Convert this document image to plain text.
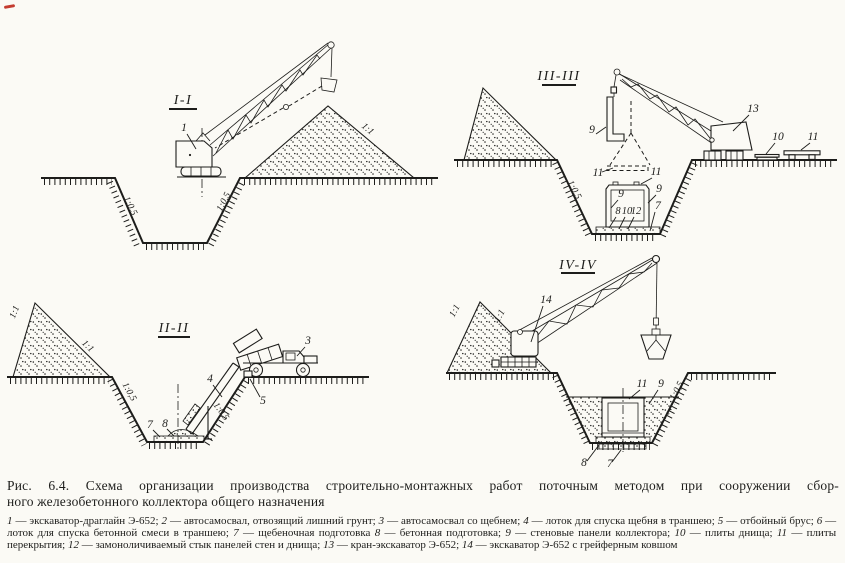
I-I
1	1:1
1:0,5	1:0,5
III-III
9
13
10 11
11	11
9	9
8 10
12 7
1:0,5
II-II
3
4
5
7 8
1:1
1:1
1:0,5
1:0,5
IV-IV
14
11 9
8 7
1:1	1:1
1:0,5
Рис. 6.4. Схема организации производства строительно-монтажных работ поточным методом при сооружении сбор-
ного железобетонного коллектора общего назначения
1 — экскаватор-драглайн Э-652; 2 — автосамосвал, отвозящий лишний грунт; 3 — автосамосвал со щебнем; 4 — лоток для спуска щебня в траншею; 5 — отбойный брус; 6 — лоток для спуска бетонной смеси в траншею; 7 — щебеночная подготовка 8 — бетонная подготовка; 9 — стеновые панели коллектора; 10 — плиты днища; 11 — плиты перекрытия; 12 — замоноличиваемый стык панелей стен и днища; 13 — кран-экскаватор Э-652; 14 — экскаватор Э-652 с грейферным ковшом
